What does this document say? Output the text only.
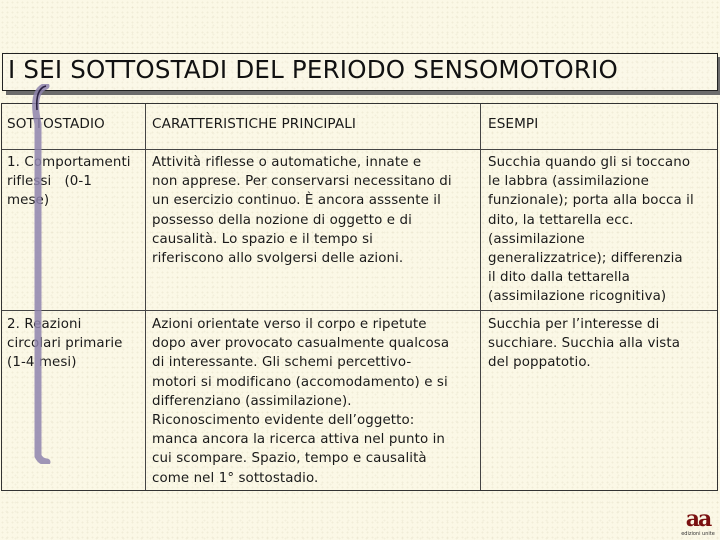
I SEI SOTTOSTADI DEL PERIODO SENSOMOTORIO
SOTTOSTADIO	CARATTERISTICHE PRINCIPALI	ESEMPI
1. Comportamenti
riflessi   (0-1
mese)
Attività riflesse o automatiche, innate e
non apprese. Per conservarsi necessitano di
un esercizio continuo. È ancora asssente il
possesso della nozione di oggetto e di
causalità. Lo spazio e il tempo si
riferiscono allo svolgersi delle azioni.
Succhia quando gli si toccano
le labbra (assimilazione
funzionale); porta alla bocca il
dito, la tettarella ecc.
(assimilazione
generalizzatrice); differenzia
il dito dalla tettarella
(assimilazione ricognitiva)
2. Reazioni
circolari primarie
(1-4 mesi)
Azioni orientate verso il corpo e ripetute
dopo aver provocato casualmente qualcosa
di interessante. Gli schemi percettivo-
motori si modificano (accomodamento) e si
differenziano (assimilazione).
Riconoscimento evidente dell’oggetto:
manca ancora la ricerca attiva nel punto in
cui scompare. Spazio, tempo e causalità
come nel 1° sottostadio.
Succhia per l’interesse di
succhiare. Succhia alla vista
del poppatotio.
aa
edizioni unite
